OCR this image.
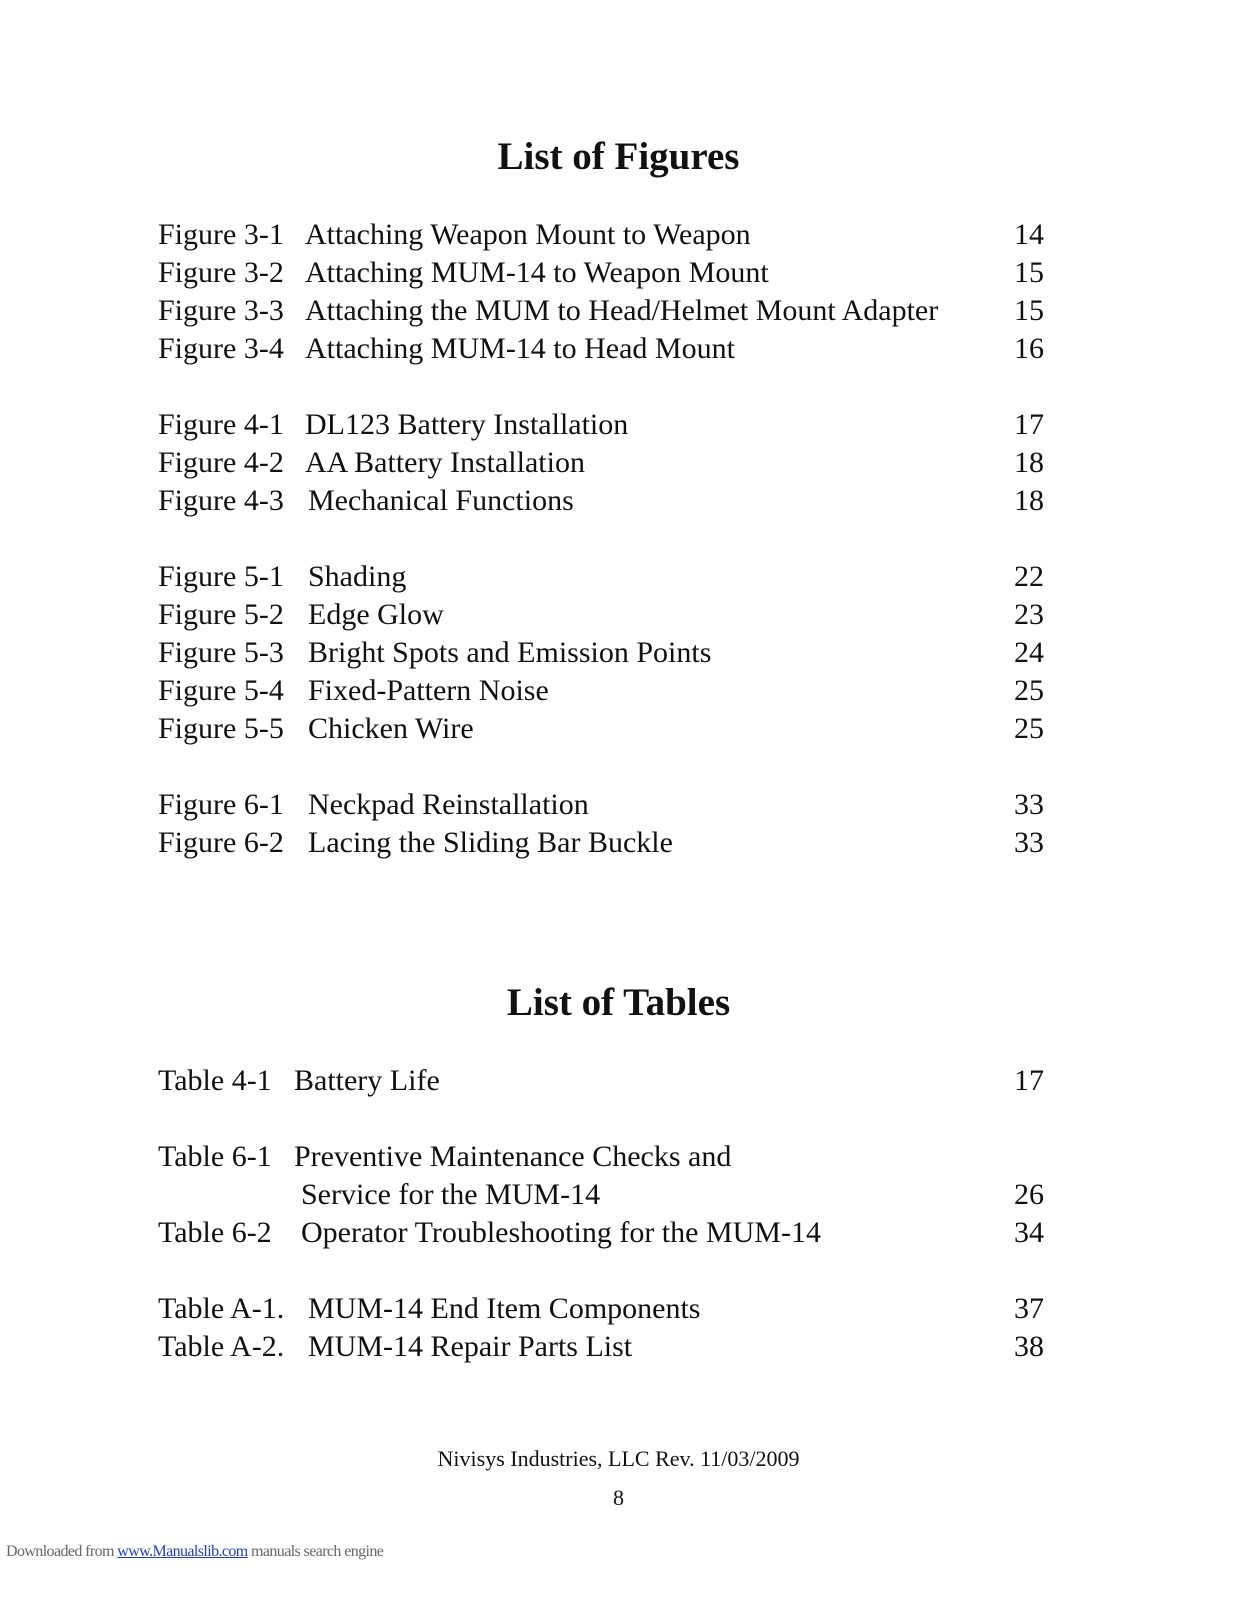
List of Figures
Figure 3-1 Attaching Weapon Mount to Weapon	14
Figure 3-2 Attaching MUM-14 to Weapon Mount	15
Figure 3-3 Attaching the MUM to Head/Helmet Mount Adapter	15
Figure 3-4 Attaching MUM-14 to Head Mount	16
Figure 4-1 DL123 Battery Installation	17
Figure 4-2 AA Battery Installation	18
Figure 4-3 Mechanical Functions	18
Figure 5-1 Shading	22
Figure 5-2 Edge Glow	23
Figure 5-3 Bright Spots and Emission Points	24
Figure 5-4 Fixed-Pattern Noise	25
Figure 5-5 Chicken Wire	25
Figure 6-1 Neckpad Reinstallation	33
Figure 6-2 Lacing the Sliding Bar Buckle	33
List of Tables
Table 4-1 Battery Life	17
Table 6-1 Preventive Maintenance Checks and
Service for the MUM-14	26
Table 6-2 Operator Troubleshooting for the MUM-14	34
Table A-1. MUM-14 End Item Components	37
Table A-2. MUM-14 Repair Parts List	38
Nivisys Industries, LLC Rev. 11/03/2009
8
Downloaded from www.Manualslib.com manuals search engine
